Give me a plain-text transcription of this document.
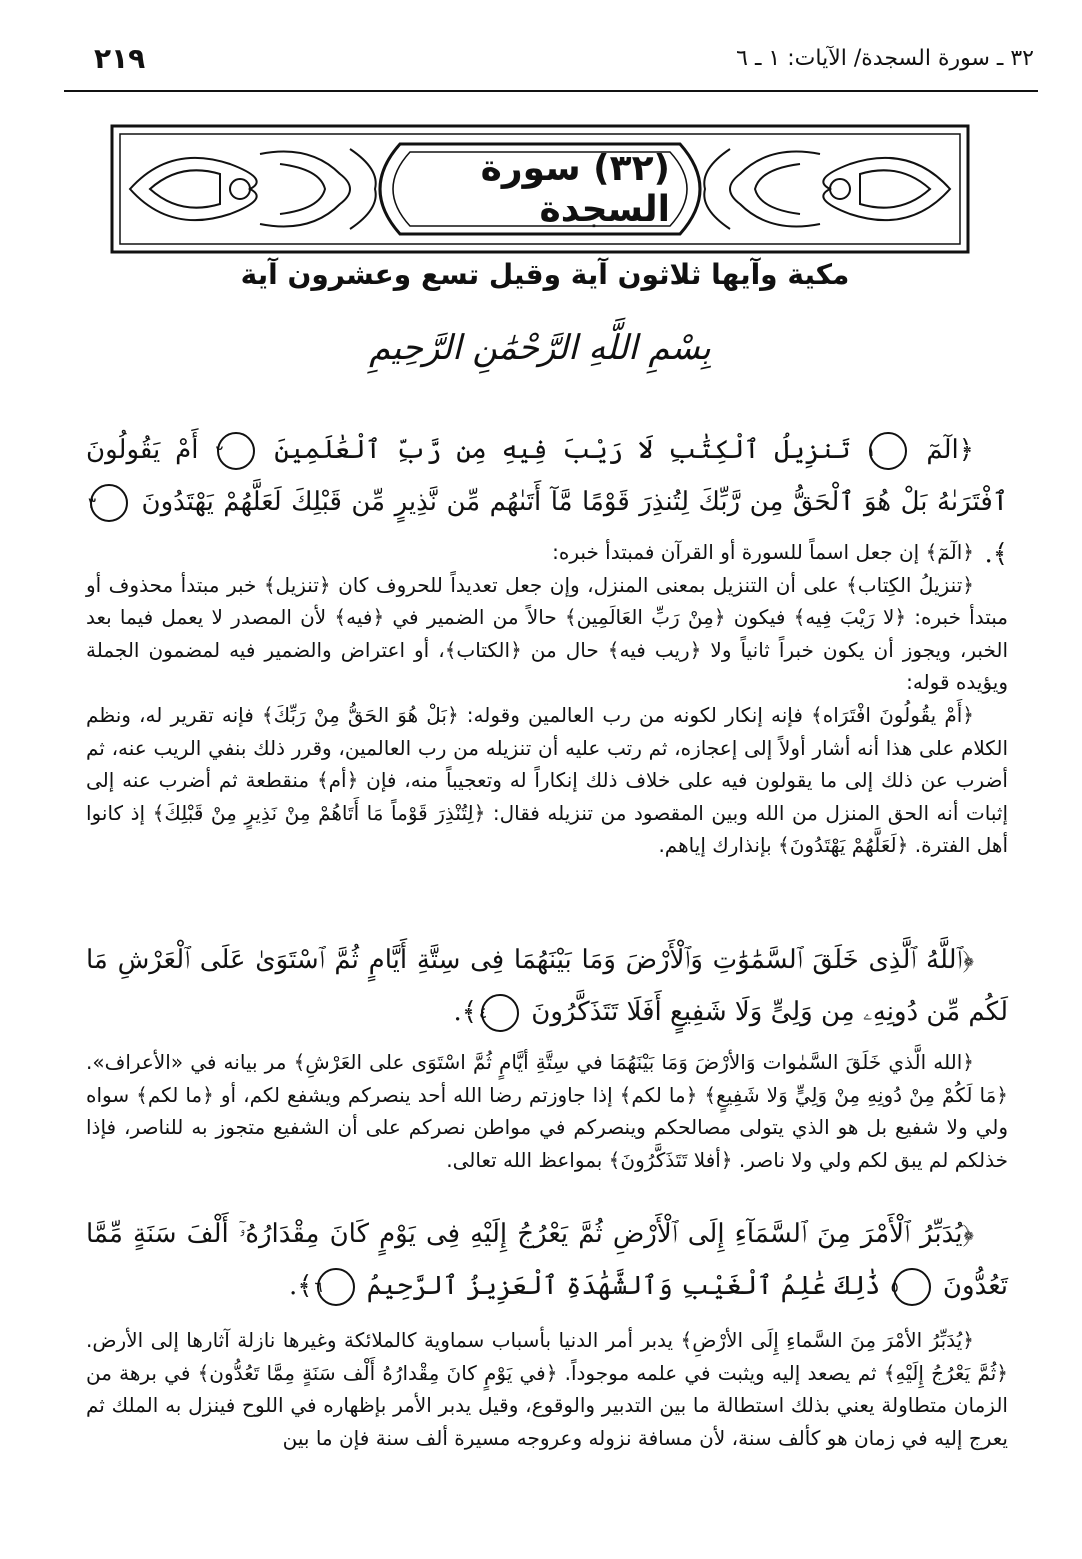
٢١٩	٣٢ ـ سورة السجدة/ الآيات: ١ ـ ٦
(٣٢) سورة السجدة
مكية وآيها ثلاثون آية وقيل تسع وعشرون آية
بِسْمِ اللَّهِ الرَّحْمَٰنِ الرَّحِيمِ
﴿الٓمٓ ١ تَنزِيلُ ٱلْكِتَٰبِ لَا رَيْبَ فِيهِ مِن رَّبِّ ٱلْعَٰلَمِينَ ٢ أَمْ يَقُولُونَ ٱفْتَرَىٰهُ بَلْ هُوَ ٱلْحَقُّ مِن رَّبِّكَ لِتُنذِرَ قَوْمًا مَّآ أَتَىٰهُم مِّن نَّذِيرٍ مِّن قَبْلِكَ لَعَلَّهُمْ يَهْتَدُونَ ٣﴾.

﴿الٓمٓ﴾ إن جعل اسماً للسورة أو القرآن فمبتدأ خبره:

﴿تنزيلُ الكِتاب﴾ على أن التنزيل بمعنى المنزل، وإن جعل تعديداً للحروف كان ﴿تنزيل﴾ خبر مبتدأ محذوف أو مبتدأ خبره: ﴿لا رَيْبَ فِيه﴾ فيكون ﴿مِنْ رَبِّ العَالَمِين﴾ حالاً من الضمير في ﴿فيه﴾ لأن المصدر لا يعمل فيما بعد الخبر، ويجوز أن يكون خبراً ثانياً ولا ﴿ريب فيه﴾ حال من ﴿الكتاب﴾، أو اعتراض والضمير فيه لمضمون الجملة ويؤيده قوله:

﴿أَمْ يقُولُونَ افْتَرَاه﴾ فإنه إنكار لكونه من رب العالمين وقوله: ﴿بَلْ هُوَ الحَقُّ مِنْ رَبِّكَ﴾ فإنه تقرير له، ونظم الكلام على هذا أنه أشار أولاً إلى إعجازه، ثم رتب عليه أن تنزيله من رب العالمين، وقرر ذلك بنفي الريب عنه، ثم أضرب عن ذلك إلى ما يقولون فيه على خلاف ذلك إنكاراً له وتعجيباً منه، فإن ﴿أم﴾ منقطعة ثم أضرب عنه إلى إثبات أنه الحق المنزل من الله وبين المقصود من تنزيله فقال: ﴿لِتُنْذِرَ قَوْماً مَا أَتَاهُمْ مِنْ نَذِيرٍ مِنْ قَبْلِكَ﴾ إذ كانوا أهل الفترة. ﴿لَعَلَّهُمْ يَهْتَدُونَ﴾ بإنذارك إياهم.

﴿ٱللَّهُ ٱلَّذِى خَلَقَ ٱلسَّمَٰوَٰتِ وَٱلْأَرْضَ وَمَا بَيْنَهُمَا فِى سِتَّةِ أَيَّامٍ ثُمَّ ٱسْتَوَىٰ عَلَى ٱلْعَرْشِ مَا لَكُم مِّن دُونِهِۦ مِن وَلِىٍّ وَلَا شَفِيعٍ أَفَلَا تَتَذَكَّرُونَ ٤﴾.

﴿الله الَّذي خَلَقَ السَّمٰوات وَالأرْضَ وَمَا بَيْنَهُمَا في سِتَّةِ أيَّامٍ ثُمَّ اسْتَوَى على العَرْشِ﴾ مر بيانه في «الأعراف». ﴿مَا لَكُمْ مِنْ دُونِهِ مِنْ وَلِيٍّ وَلا شَفِيعٍ﴾ ﴿ما لكم﴾ إذا جاوزتم رضا الله أحد ينصركم ويشفع لكم، أو ﴿ما لكم﴾ سواه ولي ولا شفيع بل هو الذي يتولى مصالحكم وينصركم في مواطن نصركم على أن الشفيع متجوز به للناصر، فإذا خذلكم لم يبق لكم ولي ولا ناصر. ﴿أفلا تَتَذَكَّرُونَ﴾ بمواعظ الله تعالى.

﴿يُدَبِّرُ ٱلْأَمْرَ مِنَ ٱلسَّمَآءِ إِلَى ٱلْأَرْضِ ثُمَّ يَعْرُجُ إِلَيْهِ فِى يَوْمٍ كَانَ مِقْدَارُهُۥٓ أَلْفَ سَنَةٍ مِّمَّا تَعُدُّونَ ٥ ذَٰلِكَ عَٰلِمُ ٱلْغَيْبِ وَٱلشَّهَٰدَةِ ٱلْعَزِيزُ ٱلرَّحِيمُ ٦﴾.

﴿يُدَبِّرُ الأمْرَ مِنَ السَّماءِ إِلَى الأرْضِ﴾ يدبر أمر الدنيا بأسباب سماوية كالملائكة وغيرها نازلة آثارها إلى الأرض. ﴿ثُمَّ يَعْرُجُ إِلَيْهِ﴾ ثم يصعد إليه ويثبت في علمه موجوداً. ﴿في يَوْمٍ كانَ مِقْدارُهُ أَلْف سَنَةٍ مِمَّا تَعُدُّون﴾ في برهة من الزمان متطاولة يعني بذلك استطالة ما بين التدبير والوقوع، وقيل يدبر الأمر بإظهاره في اللوح فينزل به الملك ثم يعرج إليه في زمان هو كألف سنة، لأن مسافة نزوله وعروجه مسيرة ألف سنة فإن ما بين
